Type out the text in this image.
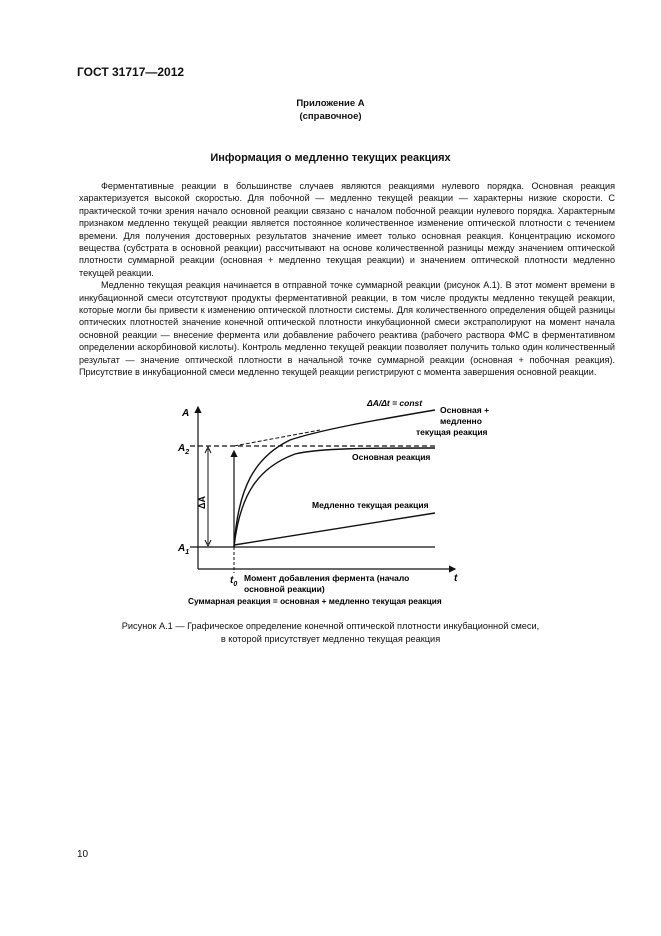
ГОСТ 31717—2012
Приложение А
(справочное)
Информация о медленно текущих реакциях

Ферментативные реакции в большинстве случаев являются реакциями нулевого порядка. Основная реакция характеризуется высокой скоростью. Для побочной — медленно текущей реакции — характерны низкие скорости. С практической точки зрения начало основной реакции связано с началом побочной реакции нулевого порядка. Характерным признаком медленно текущей реакции является постоянное количественное изменение оптической плотности с течением времени. Для получения достоверных результатов значение имеет только основная реакция. Концентрацию искомого вещества (субстрата в основной реакции) рассчитывают на основе количественной разницы между значением оптической плотности суммарной реакции (основная + медленно текущая реакции) и значением оптической плотности медленно текущей реакции.

Медленно текущая реакция начинается в отправной точке суммарной реакции (рисунок А.1). В этот момент времени в инкубационной смеси отсутствуют продукты ферментативной реакции, в том числе продукты медленно текущей реакции, которые могли бы привести к изменению оптической плотности системы. Для количественного определения общей разницы оптических плотностей значение конечной оптической плотности инкубационной смеси экстраполируют на момент начала основной реакции — внесение фермента или добавление рабочего реактива (рабочего раствора ФМС в ферментативном определении аскорбиновой кислоты). Контроль медленно текущей реакции позволяет получить только один количественный результат — значение оптической плотности в начальной точке суммарной реакции (основная + побочная реакция). Присутствие в инкубационной смеси медленно текущей реакции регистрируют с момента завершения основной реакции.

A
$A_2$
$A_1$
ΔA
t
$t_0$
ΔA/Δt = const
Основная + медленно текущая реакция
Основная реакция
Медленно текущая реакция
Момент добавления фермента (начало основной реакции)
Суммарная реакция = основная + медленно текущая реакция
Рисунок А.1 — Графическое определение конечной оптической плотности инкубационной смеси,
в которой присутствует медленно текущая реакция
10
